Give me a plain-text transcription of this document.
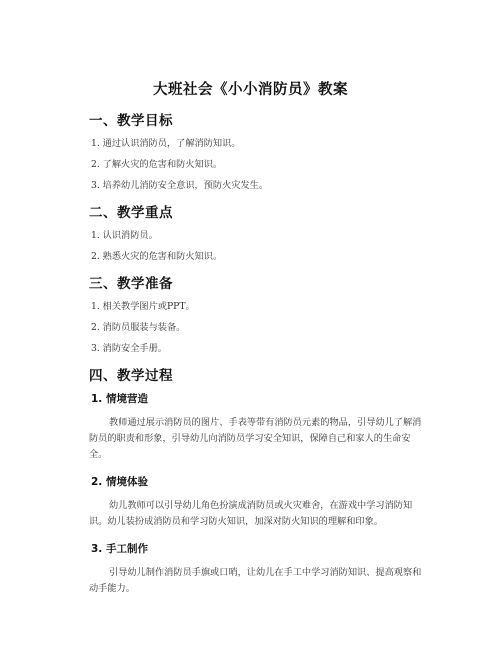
大班社会《小小消防员》教案
一、教学目标
1. 通过认识消防员，了解消防知识。
2. 了解火灾的危害和防火知识。
3. 培养幼儿消防安全意识，预防火灾发生。
二、教学重点
1. 认识消防员。
2. 熟悉火灾的危害和防火知识。
三、教学准备
1. 相关教学图片或PPT。
2. 消防员服装与装备。
3. 消防安全手册。
四、教学过程
1. 情境营造
教师通过展示消防员的图片、手表等带有消防员元素的物品，引导幼儿了解消防员的职责和形象，引导幼儿向消防员学习安全知识，保障自己和家人的生命安全。
2. 情境体验
幼儿教师可以引导幼儿角色扮演成消防员或火灾难舍，在游戏中学习消防知识。幼儿装扮成消防员和学习防火知识，加深对防火知识的理解和印象。
3. 手工制作
引导幼儿制作消防员手旗或口哨，让幼儿在手工中学习消防知识、提高观察和动手能力。
